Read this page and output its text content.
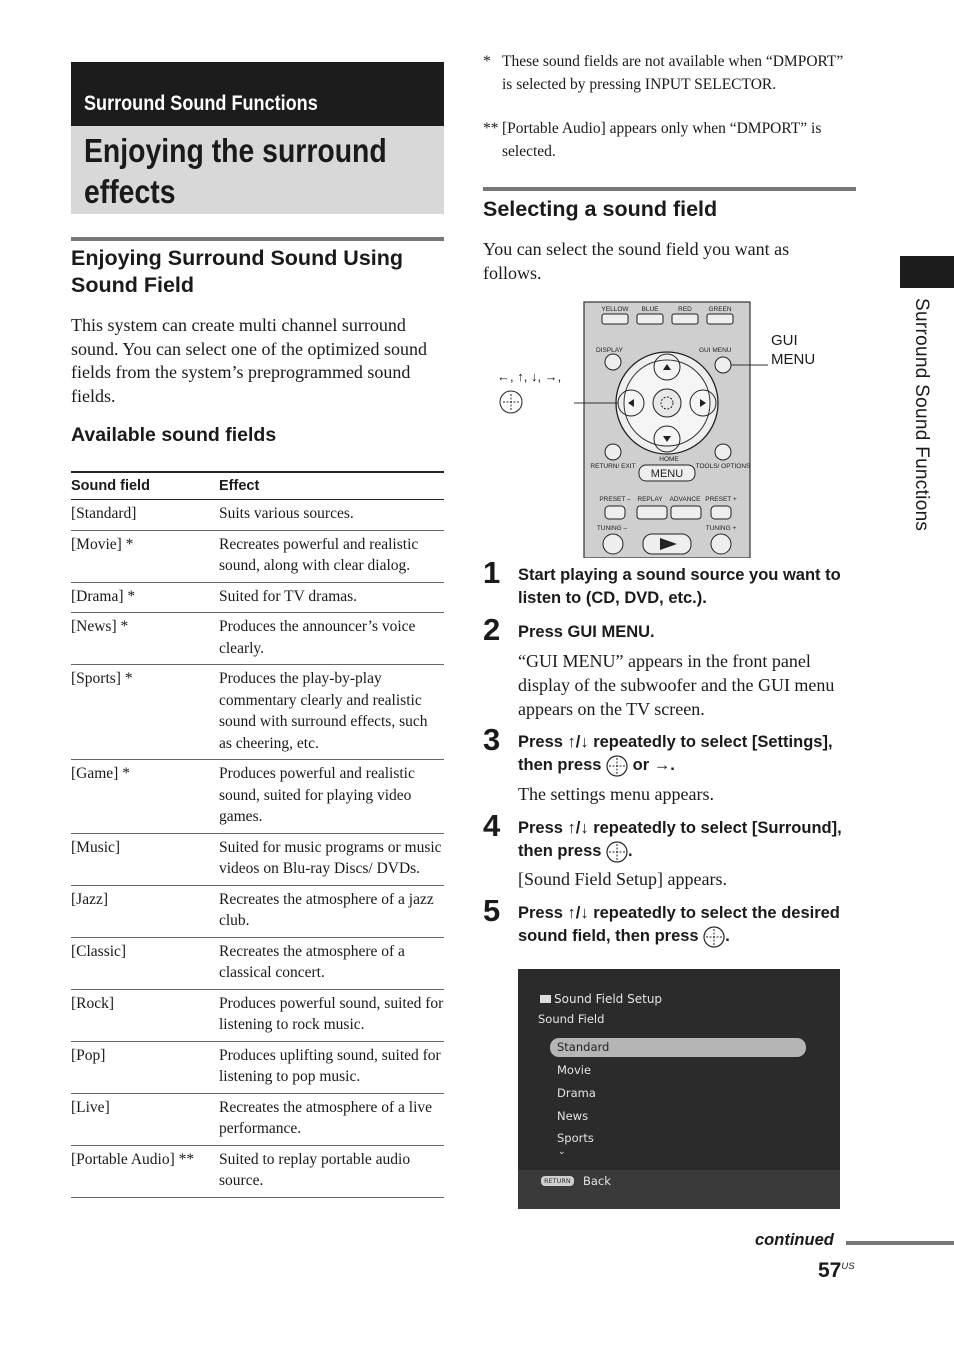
Surround Sound Functions
Enjoying the surround effects
Enjoying Surround Sound Using Sound Field

This system can create multi channel surround sound. You can select one of the optimized sound fields from the system’s preprogrammed sound fields.

Available sound fields
Sound field	Effect
[Standard]	Suits various sources.
[Movie] *	Recreates powerful and realistic sound, along with clear dialog.
[Drama] *	Suited for TV dramas.
[News] *	Produces the announcer’s voice clearly.
[Sports] *	Produces the play-by-play commentary clearly and realistic sound with surround effects, such as cheering, etc.
[Game] *	Produces powerful and realistic sound, suited for playing video games.
[Music]	Suited for music programs or music videos on Blu-ray Discs/ DVDs.
[Jazz]	Recreates the atmosphere of a jazz club.
[Classic]	Recreates the atmosphere of a classical concert.
[Rock]	Produces powerful sound, suited for listening to rock music.
[Pop]	Produces uplifting sound, suited for listening to pop music.
[Live]	Recreates the atmosphere of a live performance.
[Portable Audio] **	Suited to replay portable audio source.
* These sound fields are not available when “DMPORT” is selected by pressing INPUT SELECTOR.
** [Portable Audio] appears only when “DMPORT” is selected.
Selecting a sound field

You can select the sound field you want as follows.

YELLOW BLUE	RED	GREEN
DISPLAY	GUI MENU
HOME
RETURN/ EXIT	TOOLS/ OPTIONS
MENU
PRESET – REPLAY ADVANCE PRESET +
TUNING –	TUNING +
←, ↑, ↓, →,
GUI MENU
1 Start playing a sound source you want to listen to (CD, DVD, etc.).
2 Press GUI MENU.
“GUI MENU” appears in the front panel display of the subwoofer and the GUI menu appears on the TV screen.
3 Press ↑/↓ repeatedly to select [Settings], then press or →.
The settings menu appears.
4 Press ↑/↓ repeatedly to select [Surround], then press .
[Sound Field Setup] appears.
5 Press ↑/↓ repeatedly to select the desired sound field, then press .
Sound Field Setup
Sound Field
Standard
Movie
Drama
News
Sports
⌄
RETURN Back
Surround Sound Functions
continued
$57^{US}$
